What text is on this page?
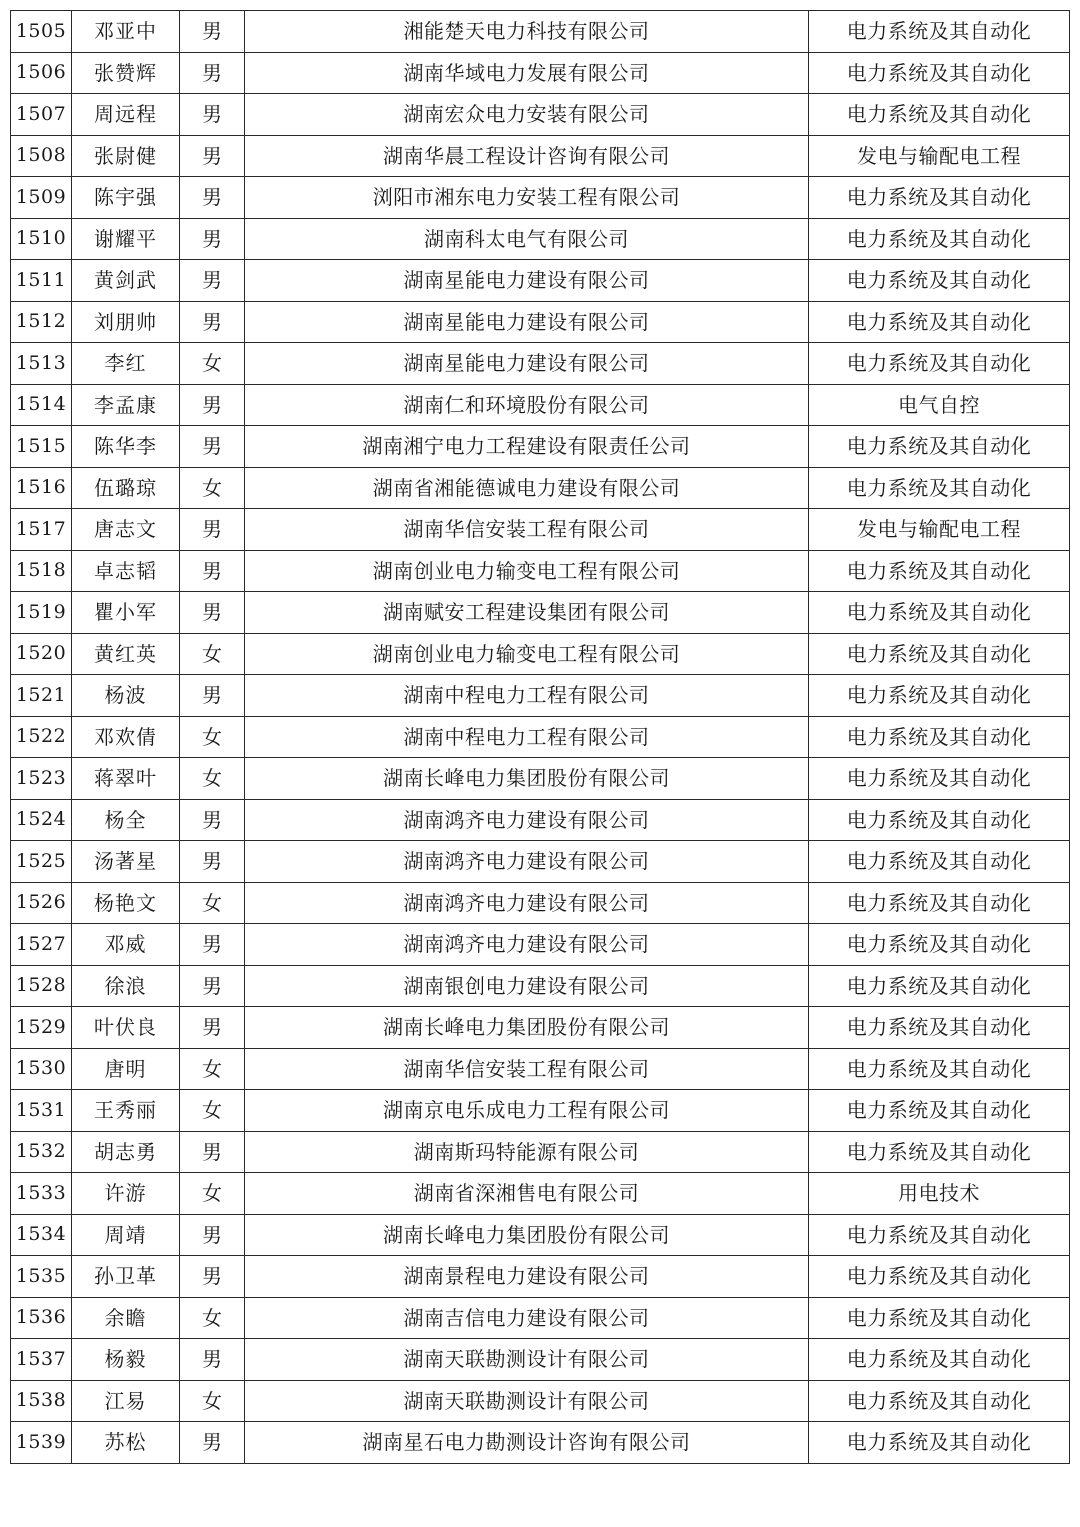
1505	邓亚中	男	湘能楚天电力科技有限公司	电力系统及其自动化
1506	张赞辉	男	湖南华域电力发展有限公司	电力系统及其自动化
1507	周远程	男	湖南宏众电力安装有限公司	电力系统及其自动化
1508	张尉健	男	湖南华晨工程设计咨询有限公司	发电与输配电工程
1509	陈宇强	男	浏阳市湘东电力安装工程有限公司	电力系统及其自动化
1510	谢耀平	男	湖南科太电气有限公司	电力系统及其自动化
1511	黄剑武	男	湖南星能电力建设有限公司	电力系统及其自动化
1512	刘朋帅	男	湖南星能电力建设有限公司	电力系统及其自动化
1513	李红	女	湖南星能电力建设有限公司	电力系统及其自动化
1514	李孟康	男	湖南仁和环境股份有限公司	电气自控
1515	陈华李	男	湖南湘宁电力工程建设有限责任公司	电力系统及其自动化
1516	伍璐琼	女	湖南省湘能德诚电力建设有限公司	电力系统及其自动化
1517	唐志文	男	湖南华信安装工程有限公司	发电与输配电工程
1518	卓志韬	男	湖南创业电力输变电工程有限公司	电力系统及其自动化
1519	瞿小军	男	湖南赋安工程建设集团有限公司	电力系统及其自动化
1520	黄红英	女	湖南创业电力输变电工程有限公司	电力系统及其自动化
1521	杨波	男	湖南中程电力工程有限公司	电力系统及其自动化
1522	邓欢倩	女	湖南中程电力工程有限公司	电力系统及其自动化
1523	蒋翠叶	女	湖南长峰电力集团股份有限公司	电力系统及其自动化
1524	杨全	男	湖南鸿齐电力建设有限公司	电力系统及其自动化
1525	汤著星	男	湖南鸿齐电力建设有限公司	电力系统及其自动化
1526	杨艳文	女	湖南鸿齐电力建设有限公司	电力系统及其自动化
1527	邓威	男	湖南鸿齐电力建设有限公司	电力系统及其自动化
1528	徐浪	男	湖南银创电力建设有限公司	电力系统及其自动化
1529	叶伏良	男	湖南长峰电力集团股份有限公司	电力系统及其自动化
1530	唐明	女	湖南华信安装工程有限公司	电力系统及其自动化
1531	王秀丽	女	湖南京电乐成电力工程有限公司	电力系统及其自动化
1532	胡志勇	男	湖南斯玛特能源有限公司	电力系统及其自动化
1533	许游	女	湖南省深湘售电有限公司	用电技术
1534	周靖	男	湖南长峰电力集团股份有限公司	电力系统及其自动化
1535	孙卫革	男	湖南景程电力建设有限公司	电力系统及其自动化
1536	余瞻	女	湖南吉信电力建设有限公司	电力系统及其自动化
1537	杨毅	男	湖南天联勘测设计有限公司	电力系统及其自动化
1538	江易	女	湖南天联勘测设计有限公司	电力系统及其自动化
1539	苏松	男	湖南星石电力勘测设计咨询有限公司	电力系统及其自动化
